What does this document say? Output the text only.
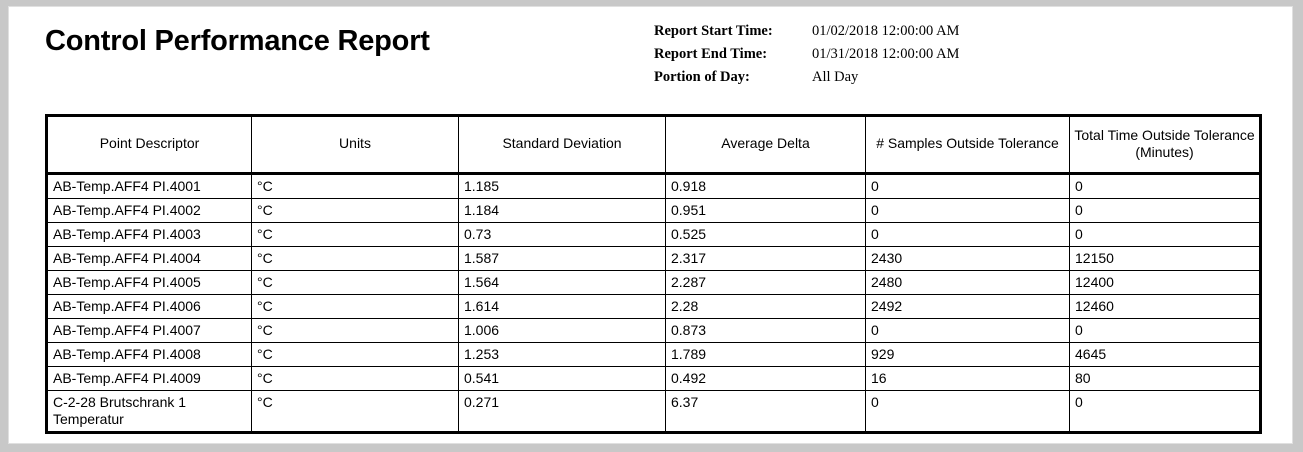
Control Performance Report	Report Start Time:	01/02/2018 12:00:00 AM
Report End Time:	01/31/2018 12:00:00 AM
Portion of Day:	All Day
Point Descriptor	Units	Standard Deviation	Average Delta	# Samples Outside Tolerance	Total Time Outside Tolerance (Minutes)
AB-Temp.AFF4 PI.4001	°C	1.185	0.918	0	0
AB-Temp.AFF4 PI.4002	°C	1.184	0.951	0	0
AB-Temp.AFF4 PI.4003	°C	0.73	0.525	0	0
AB-Temp.AFF4 PI.4004	°C	1.587	2.317	2430	12150
AB-Temp.AFF4 PI.4005	°C	1.564	2.287	2480	12400
AB-Temp.AFF4 PI.4006	°C	1.614	2.28	2492	12460
AB-Temp.AFF4 PI.4007	°C	1.006	0.873	0	0
AB-Temp.AFF4 PI.4008	°C	1.253	1.789	929	4645
AB-Temp.AFF4 PI.4009	°C	0.541	0.492	16	80
C-2-28 Brutschrank 1 Temperatur	°C	0.271	6.37	0	0
